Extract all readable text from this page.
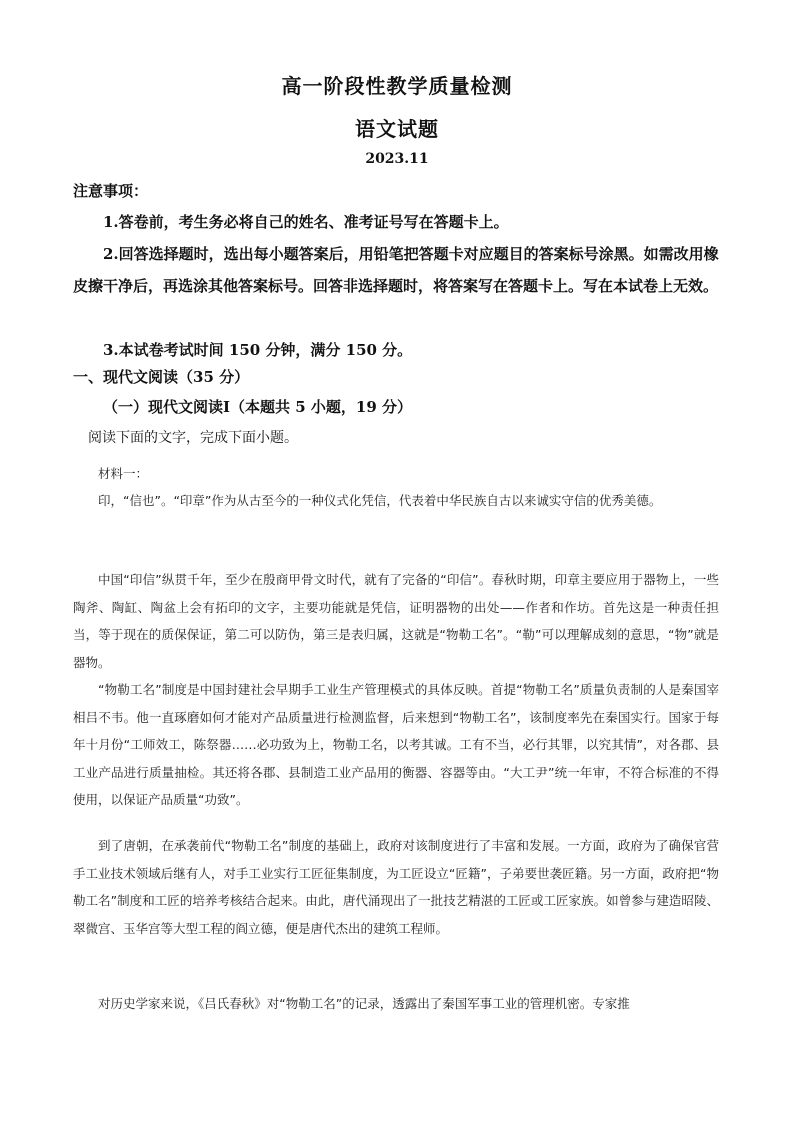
高一阶段性教学质量检测
语文试题
2023.11
注意事项：
1.答卷前，考生务必将自己的姓名、准考证号写在答题卡上。
2.回答选择题时，选出每小题答案后，用铅笔把答题卡对应题目的答案标号涂黑。如需改用橡皮擦干净后，再选涂其他答案标号。回答非选择题时，将答案写在答题卡上。写在本试卷上无效。
3.本试卷考试时间 150 分钟，满分 150 分。
一、现代文阅读（35 分）
（一）现代文阅读Ⅰ（本题共 5 小题，19 分）
阅读下面的文字，完成下面小题。
材料一：
印，“信也”。“印章”作为从古至今的一种仪式化凭信，代表着中华民族自古以来诚实守信的优秀美德。
中国“印信”纵贯千年，至少在殷商甲骨文时代，就有了完备的“印信”。春秋时期，印章主要应用于器物上，一些陶斧、陶缸、陶盆上会有拓印的文字，主要功能就是凭信，证明器物的出处——作者和作坊。首先这是一种责任担当，等于现在的质保保证，第二可以防伪，第三是表归属，这就是“物勒工名”。“勒”可以理解成刻的意思，“物”就是器物。
“物勒工名”制度是中国封建社会早期手工业生产管理模式的具体反映。首提“物勒工名”质量负责制的人是秦国宰相吕不韦。他一直琢磨如何才能对产品质量进行检测监督，后来想到“物勒工名”，该制度率先在秦国实行。国家于每年十月份“工师效工，陈祭器……必功致为上，物勒工名，以考其诚。工有不当，必行其罪，以究其情”，对各郡、县工业产品进行质量抽检。其还将各郡、县制造工业产品用的衡器、容器等由。“大工尹”统一年审，不符合标准的不得使用，以保证产品质量“功致”。
到了唐朝，在承袭前代“物勒工名”制度的基础上，政府对该制度进行了丰富和发展。一方面，政府为了确保官营手工业技术领域后继有人，对手工业实行工匠征集制度，为工匠设立“匠籍”，子弟要世袭匠籍。另一方面，政府把“物勒工名”制度和工匠的培养考核结合起来。由此，唐代涌现出了一批技艺精湛的工匠或工匠家族。如曾参与建造昭陵、翠微宫、玉华宫等大型工程的阎立德，便是唐代杰出的建筑工程师。
对历史学家来说，《吕氏春秋》对“物勒工名”的记录，透露出了秦国军事工业的管理机密。专家推
